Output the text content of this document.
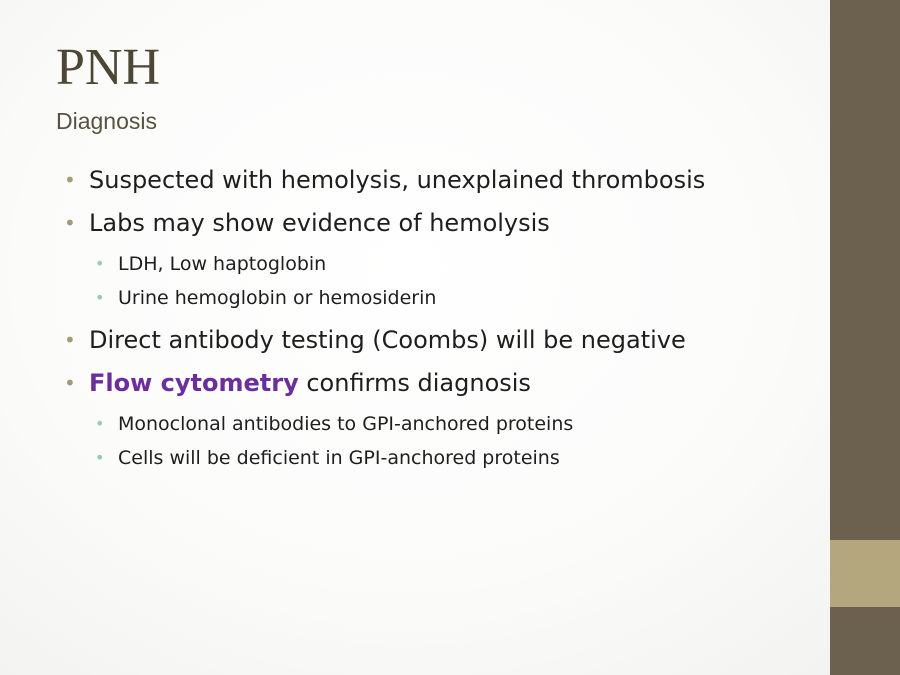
PNH
Diagnosis
• Suspected with hemolysis, unexplained thrombosis
• Labs may show evidence of hemolysis
• LDH, Low haptoglobin
• Urine hemoglobin or hemosiderin
• Direct antibody testing (Coombs) will be negative
• Flow cytometry confirms diagnosis
• Monoclonal antibodies to GPI-anchored proteins
• Cells will be deficient in GPI-anchored proteins
